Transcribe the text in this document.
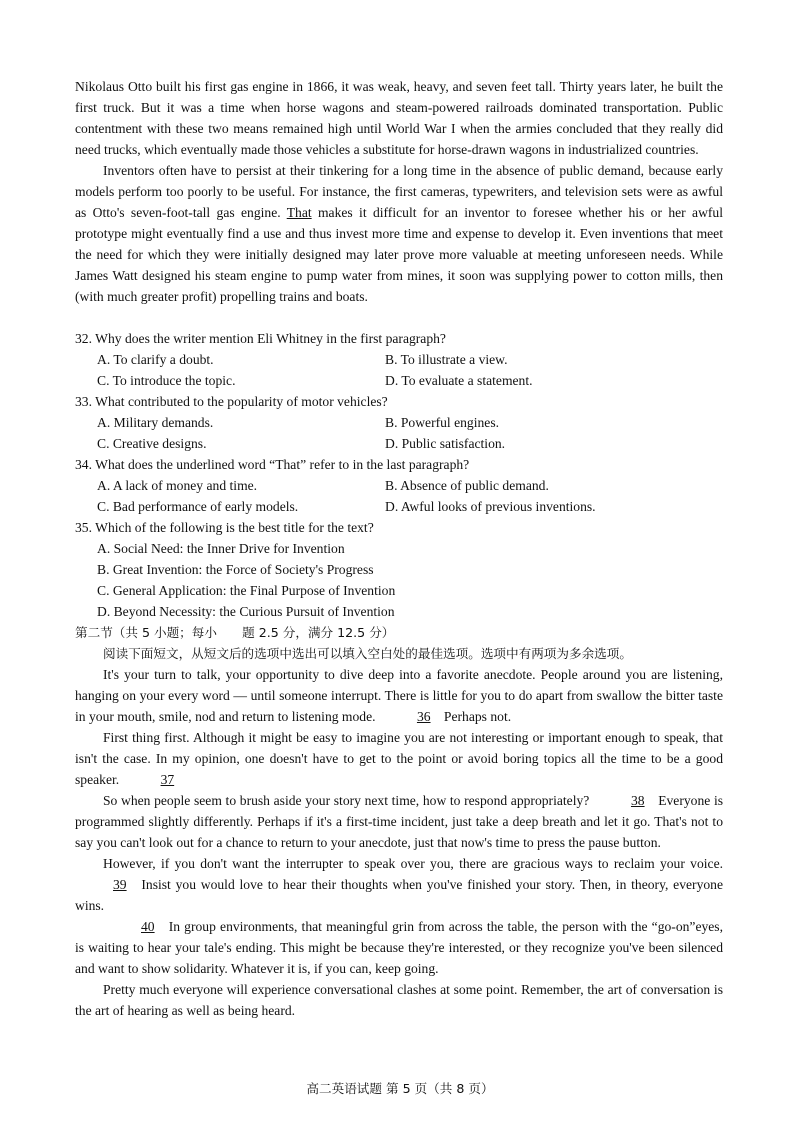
Nikolaus Otto built his first gas engine in 1866, it was weak, heavy, and seven feet tall. Thirty years later, he built the first truck. But it was a time when horse wagons and steam-powered railroads dominated transportation. Public contentment with these two means remained high until World War I when the armies concluded that they really did need trucks, which eventually made those vehicles a substitute for horse-drawn wagons in industrialized countries.

Inventors often have to persist at their tinkering for a long time in the absence of public demand, because early models perform too poorly to be useful. For instance, the first cameras, typewriters, and television sets were as awful as Otto's seven-foot-tall gas engine. That makes it difficult for an inventor to foresee whether his or her awful prototype might eventually find a use and thus invest more time and expense to develop it. Even inventions that meet the need for which they were initially designed may later prove more valuable at meeting unforeseen needs. While James Watt designed his steam engine to pump water from mines, it soon was supplying power to cotton mills, then (with much greater profit) propelling trains and boats.

32. Why does the writer mention Eli Whitney in the first paragraph?

A. To clarify a doubt.	B. To illustrate a view.
C. To introduce the topic.	D. To evaluate a statement.

33. What contributed to the popularity of motor vehicles?

A. Military demands.	B. Powerful engines.
C. Creative designs.	D. Public satisfaction.

34. What does the underlined word “That” refer to in the last paragraph?

A. A lack of money and time.	B. Absence of public demand.
C. Bad performance of early models.	D. Awful looks of previous inventions.

35. Which of the following is the best title for the text?

A. Social Need: the Inner Drive for Invention
B. Great Invention: the Force of Society's Progress
C. General Application: the Final Purpose of Invention
D. Beyond Necessity: the Curious Pursuit of Invention

第二节（共 5 小题；每小　　题 2.5 分，满分 12.5 分）

阅读下面短文，从短文后的选项中选出可以填入空白处的最佳选项。选项中有两项为多余选项。

It's your turn to talk, your opportunity to dive deep into a favorite anecdote. People around you are listening, hanging on your every word — until someone interrupt. There is little for you to do apart from swallow the bitter taste in your mouth, smile, nod and return to listening mode.	36 Perhaps not.

First thing first. Although it might be easy to imagine you are not interesting or important enough to speak, that isn't the case. In my opinion, one doesn't have to get to the point or avoid boring topics all the time to be a good speaker.	37

So when people seem to brush aside your story next time, how to respond appropriately?	38 Everyone is programmed slightly differently. Perhaps if it's a first-time incident, just take a deep breath and let it go. That's not to say you can't look out for a chance to return to your anecdote, just that now's time to press the pause button.

However, if you don't want the interrupter to speak over you, there are gracious ways to reclaim your voice. 39 Insist you would love to hear their thoughts when you've finished your story. Then, in theory, everyone wins.

40 In group environments, that meaningful grin from across the table, the person with the “go-on”eyes, is waiting to hear your tale's ending. This might be because they're interested, or they recognize you've been silenced and want to show solidarity. Whatever it is, if you can, keep going.

Pretty much everyone will experience conversational clashes at some point. Remember, the art of conversation is the art of hearing as well as being heard.

高二英语试题 第 5 页（共 8 页）
